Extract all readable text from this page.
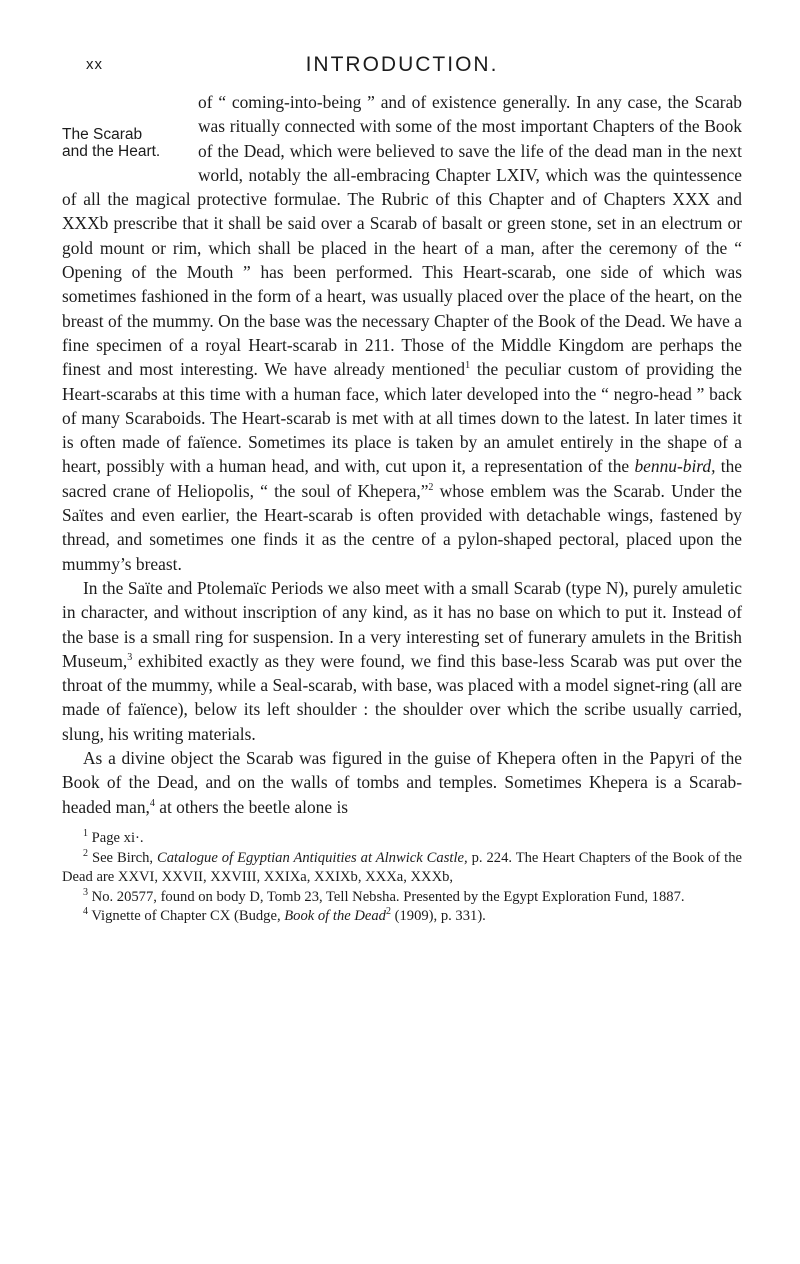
xx	INTRODUCTION.
The Scarab
and the Heart.

of “ coming-into-being ” and of existence generally. In any case, the Scarab was ritually connected with some of the most important Chapters of the Book of the Dead, which were believed to save the life of the dead man in the next world, notably the all-embracing Chapter LXIV, which was the quintessence of all the magical protective formulae. The Rubric of this Chapter and of Chapters XXX and XXXb prescribe that it shall be said over a Scarab of basalt or green stone, set in an electrum or gold mount or rim, which shall be placed in the heart of a man, after the ceremony of the “ Opening of the Mouth ” has been performed. This Heart-scarab, one side of which was sometimes fashioned in the form of a heart, was usually placed over the place of the heart, on the breast of the mummy. On the base was the necessary Chapter of the Book of the Dead. We have a fine specimen of a royal Heart-scarab in 211. Those of the Middle Kingdom are perhaps the finest and most interesting. We have already mentioned$^1$ the peculiar custom of providing the Heart-scarabs at this time with a human face, which later developed into the “ negro-head ” back of many Scaraboids. The Heart-scarab is met with at all times down to the latest. In later times it is often made of faïence. Sometimes its place is taken by an amulet entirely in the shape of a heart, possibly with a human head, and with, cut upon it, a representation of the bennu-bird, the sacred crane of Heliopolis, “ the soul of Khepera,”$^2$ whose emblem was the Scarab. Under the Saïtes and even earlier, the Heart-scarab is often provided with detachable wings, fastened by thread, and sometimes one finds it as the centre of a pylon-shaped pectoral, placed upon the mummy’s breast.

In the Saïte and Ptolemaïc Periods we also meet with a small Scarab (type N), purely amuletic in character, and without inscription of any kind, as it has no base on which to put it. Instead of the base is a small ring for suspension. In a very interesting set of funerary amulets in the British Museum,$^3$ exhibited exactly as they were found, we find this base-less Scarab was put over the throat of the mummy, while a Seal-scarab, with base, was placed with a model signet-ring (all are made of faïence), below its left shoulder : the shoulder over which the scribe usually carried, slung, his writing materials.

As a divine object the Scarab was figured in the guise of Khepera often in the Papyri of the Book of the Dead, and on the walls of tombs and temples. Sometimes Khepera is a Scarab-headed man,$^4$ at others the beetle alone is

$^1$ Page xi·.

$^2$ See Birch, Catalogue of Egyptian Antiquities at Alnwick Castle, p. 224. The Heart Chapters of the Book of the Dead are XXVI, XXVII, XXVIII, XXIXa, XXIXb, XXXa, XXXb,

$^3$ No. 20577, found on body D, Tomb 23, Tell Nebsha. Presented by the Egypt Exploration Fund, 1887.

$^4$ Vignette of Chapter CX (Budge, Book of the Dead$^2$ (1909), p. 331).
